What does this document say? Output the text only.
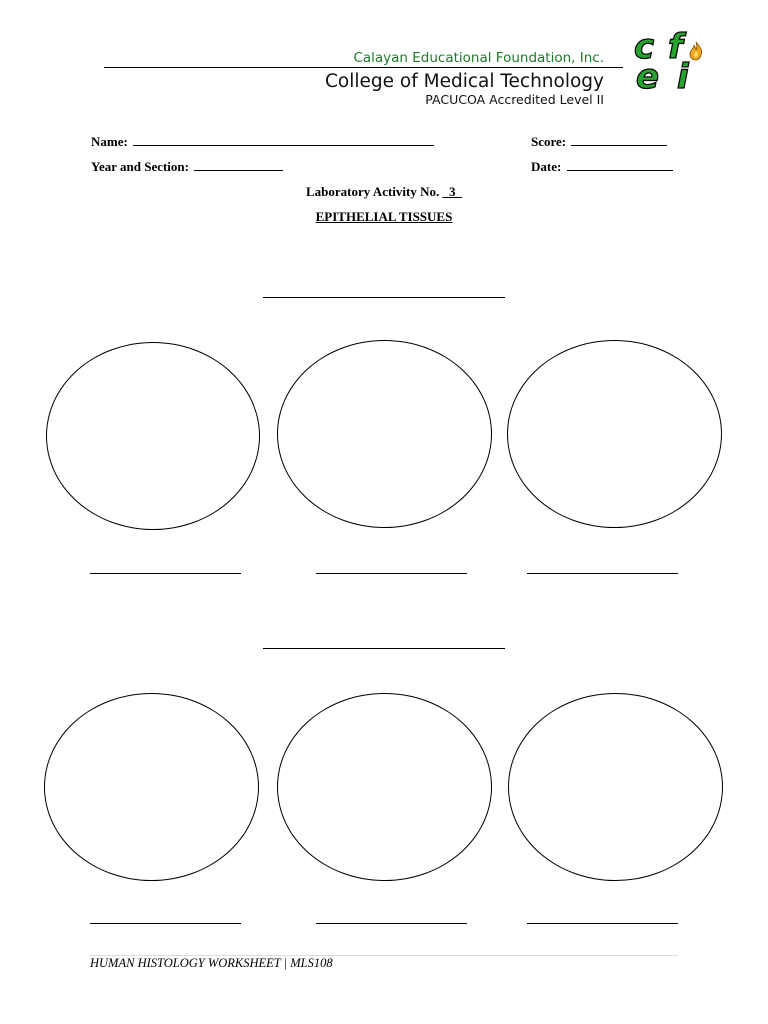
Calayan Educational Foundation, Inc.
College of Medical Technology
PACUCOA Accredited Level II
c
e
f
i
Name:	Score:
Year and Section:	Date:
Laboratory Activity No. _3_
EPITHELIAL TISSUES
HUMAN HISTOLOGY WORKSHEET | MLS108
